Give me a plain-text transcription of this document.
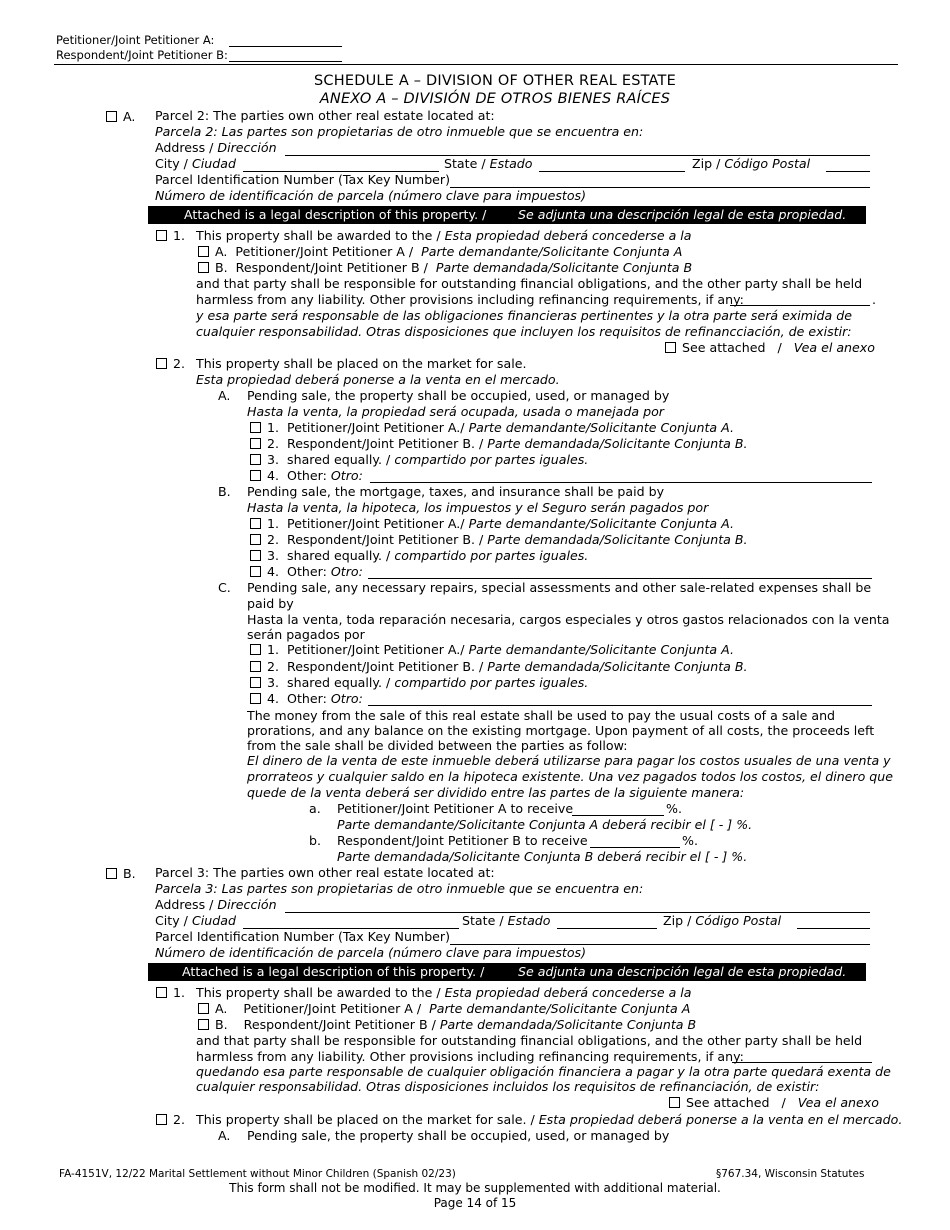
Petitioner/Joint Petitioner A:
Respondent/Joint Petitioner B:
SCHEDULE A – DIVISION OF OTHER REAL ESTATE
ANEXO A – DIVISIÓN DE OTROS BIENES RAÍCES
A. Parcel 2: The parties own other real estate located at:
Parcela 2: Las partes son propietarias de otro inmueble que se encuentra en:
Address / Dirección
City / Ciudad	State / Estado	Zip / Código Postal
Parcel Identification Number (Tax Key Number)
Número de identificación de parcela (número clave para impuestos)
Attached is a legal description of this property. /	Se adjunta una descripción legal de esta propiedad.
1. This property shall be awarded to the / Esta propiedad deberá concederse a la
A. Petitioner/Joint Petitioner A / Parte demandante/Solicitante Conjunta A
B. Respondent/Joint Petitioner B / Parte demandada/Solicitante Conjunta B
and that party shall be responsible for outstanding financial obligations, and the other party shall be held
harmless from any liability. Other provisions including refinancing requirements, if any:	.
y esa parte será responsable de las obligaciones financieras pertinentes y la otra parte será eximida de
cualquier responsabilidad. Otras disposiciones que incluyen los requisitos de refinancciación, de existir:
See attached / Vea el anexo
2. This property shall be placed on the market for sale.
Esta propiedad deberá ponerse a la venta en el mercado.
A. Pending sale, the property shall be occupied, used, or managed by
Hasta la venta, la propiedad será ocupada, usada o manejada por
1. Petitioner/Joint Petitioner A./ Parte demandante/Solicitante Conjunta A.
2. Respondent/Joint Petitioner B. / Parte demandada/Solicitante Conjunta B.
3. shared equally. / compartido por partes iguales.
4. Other: Otro:
B. Pending sale, the mortgage, taxes, and insurance shall be paid by
Hasta la venta, la hipoteca, los impuestos y el Seguro serán pagados por
1. Petitioner/Joint Petitioner A./ Parte demandante/Solicitante Conjunta A.
2. Respondent/Joint Petitioner B. / Parte demandada/Solicitante Conjunta B.
3. shared equally. / compartido por partes iguales.
4. Other: Otro:
C. Pending sale, any necessary repairs, special assessments and other sale-related expenses shall be
paid by
Hasta la venta, toda reparación necesaria, cargos especiales y otros gastos relacionados con la venta
serán pagados por
1. Petitioner/Joint Petitioner A./ Parte demandante/Solicitante Conjunta A.
2. Respondent/Joint Petitioner B. / Parte demandada/Solicitante Conjunta B.
3. shared equally. / compartido por partes iguales.
4. Other: Otro:
The money from the sale of this real estate shall be used to pay the usual costs of a sale and
prorations, and any balance on the existing mortgage. Upon payment of all costs, the proceeds left
from the sale shall be divided between the parties as follow:
El dinero de la venta de este inmueble deberá utilizarse para pagar los costos usuales de una venta y
prorrateos y cualquier saldo en la hipoteca existente. Una vez pagados todos los costos, el dinero que
quede de la venta deberá ser dividido entre las partes de la siguiente manera:
a. Petitioner/Joint Petitioner A to receive	%.
Parte demandante/Solicitante Conjunta A deberá recibir el [ - ] %.
b. Respondent/Joint Petitioner B to receive	%.
Parte demandada/Solicitante Conjunta B deberá recibir el [ - ] %.
B. Parcel 3: The parties own other real estate located at:
Parcela 3: Las partes son propietarias de otro inmueble que se encuentra en:
Address / Dirección
City / Ciudad	State / Estado	Zip / Código Postal
Parcel Identification Number (Tax Key Number)
Número de identificación de parcela (número clave para impuestos)
Attached is a legal description of this property. /	Se adjunta una descripción legal de esta propiedad.
1. This property shall be awarded to the / Esta propiedad deberá concederse a la
A. Petitioner/Joint Petitioner A / Parte demandante/Solicitante Conjunta A
B. Respondent/Joint Petitioner B / Parte demandada/Solicitante Conjunta B
and that party shall be responsible for outstanding financial obligations, and the other party shall be held
harmless from any liability. Other provisions including refinancing requirements, if any:
quedando esa parte responsable de cualquier obligación financiera a pagar y la otra parte quedará exenta de
cualquier responsabilidad. Otras disposiciones incluidos los requisitos de refinanciación, de existir:
See attached / Vea el anexo
2. This property shall be placed on the market for sale. / Esta propiedad deberá ponerse a la venta en el mercado.
A. Pending sale, the property shall be occupied, used, or managed by
FA-4151V, 12/22 Marital Settlement without Minor Children (Spanish 02/23)	§767.34, Wisconsin Statutes
This form shall not be modified. It may be supplemented with additional material.
Page 14 of 15
